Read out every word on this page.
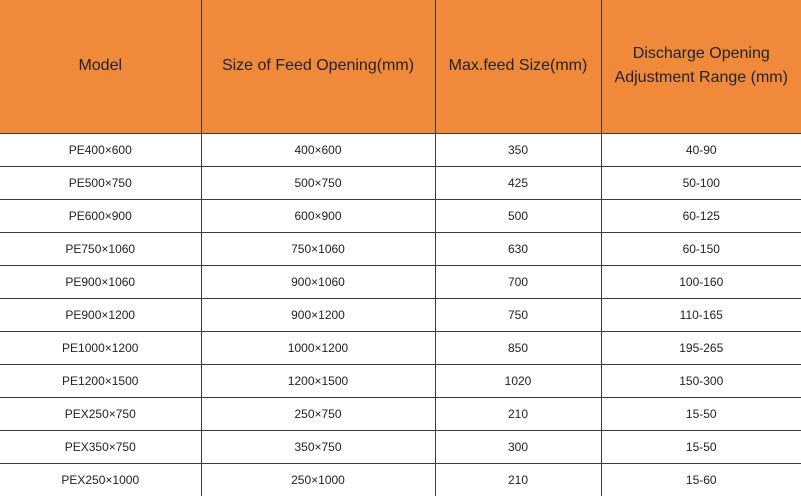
Model	Size of Feed Opening(mm)	Max.feed Size(mm)	Discharge Opening Adjustment Range (mm)
PE400×600	400×600	350	40-90
PE500×750	500×750	425	50-100
PE600×900	600×900	500	60-125
PE750×1060	750×1060	630	60-150
PE900×1060	900×1060	700	100-160
PE900×1200	900×1200	750	110-165
PE1000×1200	1000×1200	850	195-265
PE1200×1500	1200×1500	1020	150-300
PEX250×750	250×750	210	15-50
PEX350×750	350×750	300	15-50
PEX250×1000	250×1000	210	15-60
